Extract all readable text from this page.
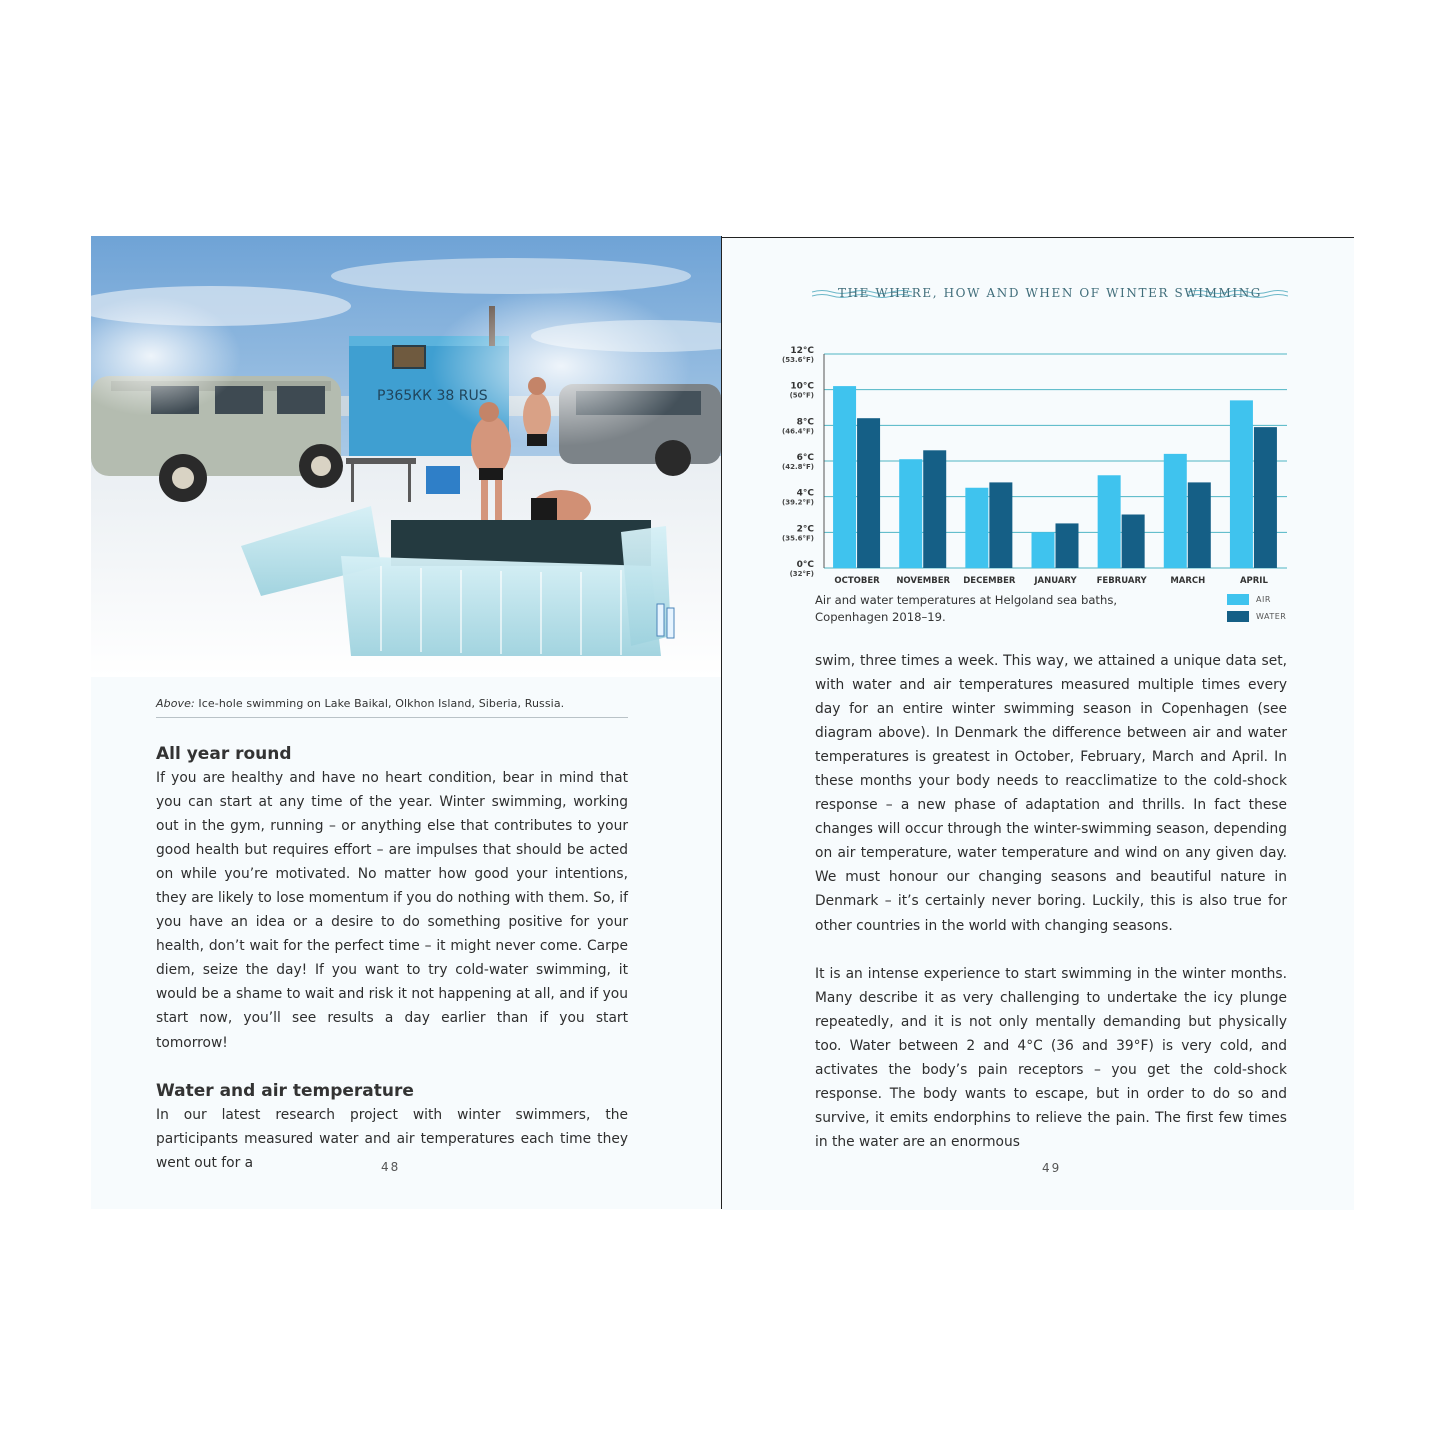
Р365КК 38 RUS
Above: Ice-hole swimming on Lake Baikal, Olkhon Island, Siberia, Russia.
All year round

If you are healthy and have no heart condition, bear in mind that you can start at any time of the year. Winter swimming, working out in the gym, running – or anything else that contributes to your good health but requires effort – are impulses that should be acted on while you’re motivated. No matter how good your intentions, they are likely to lose momentum if you do nothing with them. So, if you have an idea or a desire to do something positive for your health, don’t wait for the perfect time – it might never come. Carpe diem, seize the day! If you want to try cold-water swimming, it would be a shame to wait and risk it not happening at all, and if you start now, you’ll see results a day earlier than if you start tomorrow!

Water and air temperature

In our latest research project with winter swimmers, the participants measured water and air temperatures each time they went out for a	48
THE WHERE, HOW AND WHEN OF WINTER SWIMMING
0°C
(32°F)
2°C
(35.6°F)
4°C
(39.2°F)
6°C
(42.8°F)
8°C
(46.4°F)
10°C
(50°F)
12°C
(53.6°F)
OCTOBER NOVEMBER DECEMBER JANUARY FEBRUARY	MARCH	APRIL
Air and water temperatures at Helgoland sea baths,
Copenhagen 2018–19.
AIR
WATER

swim, three times a week. This way, we attained a unique data set, with water and air temperatures measured multiple times every day for an entire winter swimming season in Copenhagen (see diagram above). In Denmark the difference between air and water temperatures is greatest in October, February, March and April. In these months your body needs to reacclimatize to the cold-shock response – a new phase of adaptation and thrills. In fact these changes will occur through the winter-swimming season, depending on air temperature, water temperature and wind on any given day. We must honour our changing seasons and beautiful nature in Denmark – it’s certainly never boring. Luckily, this is also true for other countries in the world with changing seasons.

It is an intense experience to start swimming in the winter months. Many describe it as very challenging to undertake the icy plunge repeatedly, and it is not only mentally demanding but physically too. Water between 2 and 4°C (36 and 39°F) is very cold, and activates the body’s pain receptors – you get the cold-shock response. The body wants to escape, but in order to do so and survive, it emits endorphins to relieve the pain. The first few times in the water are an enormous

49
